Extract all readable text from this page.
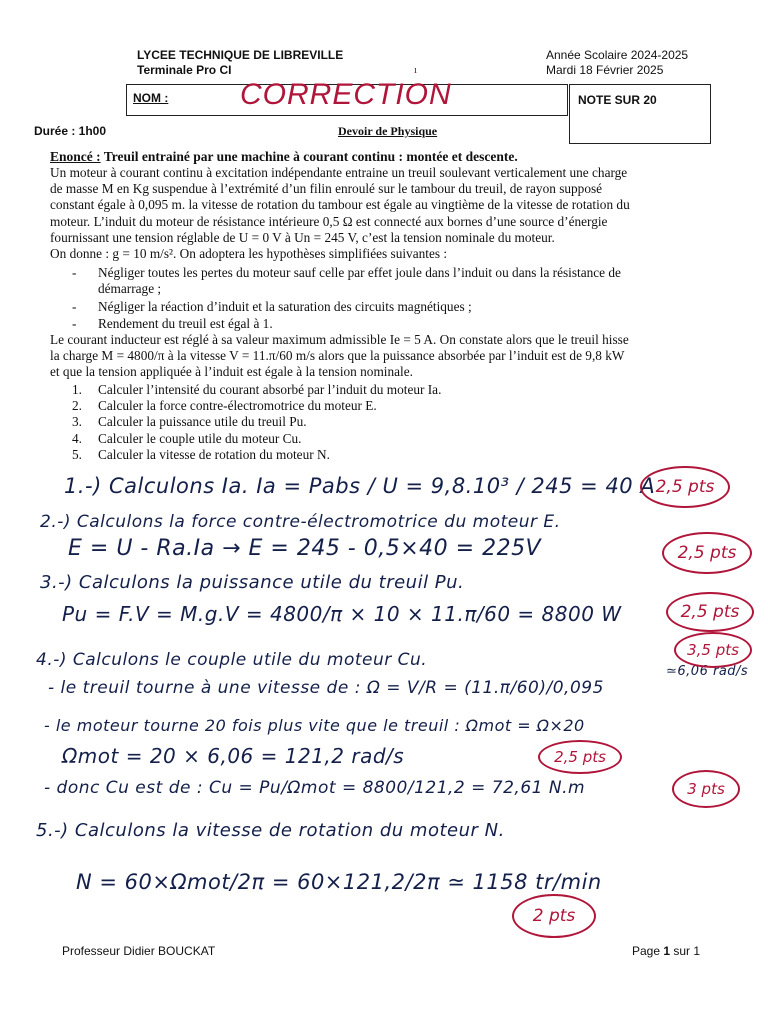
LYCEE TECHNIQUE DE LIBREVILLE
Terminale Pro CI
Année Scolaire 2024-2025
Mardi 18 Février 2025
ı
NOM : CORRECTION	NOTE SUR 20
Durée : 1h00	Devoir de Physique
Enoncé : Treuil entrainé par une machine à courant continu : montée et descente.
Un moteur à courant continu à excitation indépendante entraine un treuil soulevant verticalement une charge
de masse M en Kg suspendue à l’extrémité d’un filin enroulé sur le tambour du treuil, de rayon supposé
constant égale à 0,095 m. la vitesse de rotation du tambour est égale au vingtième de la vitesse de rotation du
moteur. L’induit du moteur de résistance intérieure 0,5 Ω est connecté aux bornes d’une source d’énergie
fournissant une tension réglable de U = 0 V à Un = 245 V, c’est la tension nominale du moteur.
On donne : g = 10 m/s². On adoptera les hypothèses simplifiées suivantes :
-	Négliger toutes les pertes du moteur sauf celle par effet joule dans l’induit ou dans la résistance de
démarrage ;
-	Négliger la réaction d’induit et la saturation des circuits magnétiques ;
-	Rendement du treuil est égal à 1.
Le courant inducteur est réglé à sa valeur maximum admissible Ie = 5 A. On constate alors que le treuil hisse
la charge M = 4800/π à la vitesse V = 11.π/60 m/s alors que la puissance absorbée par l’induit est de 9,8 kW
et que la tension appliquée à l’induit est égale à la tension nominale.
1. Calculer l’intensité du courant absorbé par l’induit du moteur Ia.
2. Calculer la force contre-électromotrice du moteur E.
3. Calculer la puissance utile du treuil Pu.
4. Calculer le couple utile du moteur Cu.
5. Calculer la vitesse de rotation du moteur N.
1.-) Calculons Ia. Ia = Pabs / U = 9,8.10³ / 245 = 40 A
2.-) Calculons la force contre-électromotrice du moteur E.
E = U - Ra.Ia → E = 245 - 0,5×40 = 225V
3.-) Calculons la puissance utile du treuil Pu.
Pu = F.V = M.g.V = 4800/π × 10 × 11.π/60 = 8800 W
4.-) Calculons le couple utile du moteur Cu.
- le treuil tourne à une vitesse de : Ω = V/R = (11.π/60)/0,095
≃6,06 rad/s
- le moteur tourne 20 fois plus vite que le treuil : Ωmot = Ω×20
Ωmot = 20 × 6,06 = 121,2 rad/s
- donc Cu est de : Cu = Pu/Ωmot = 8800/121,2 = 72,61 N.m
5.-) Calculons la vitesse de rotation du moteur N.
N = 60×Ωmot/2π = 60×121,2/2π ≃ 1158 tr/min
2,5 pts
2,5 pts
2,5 pts
3,5 pts
2,5 pts
3 pts
2 pts
Professeur Didier BOUCKAT	Page 1 sur 1
